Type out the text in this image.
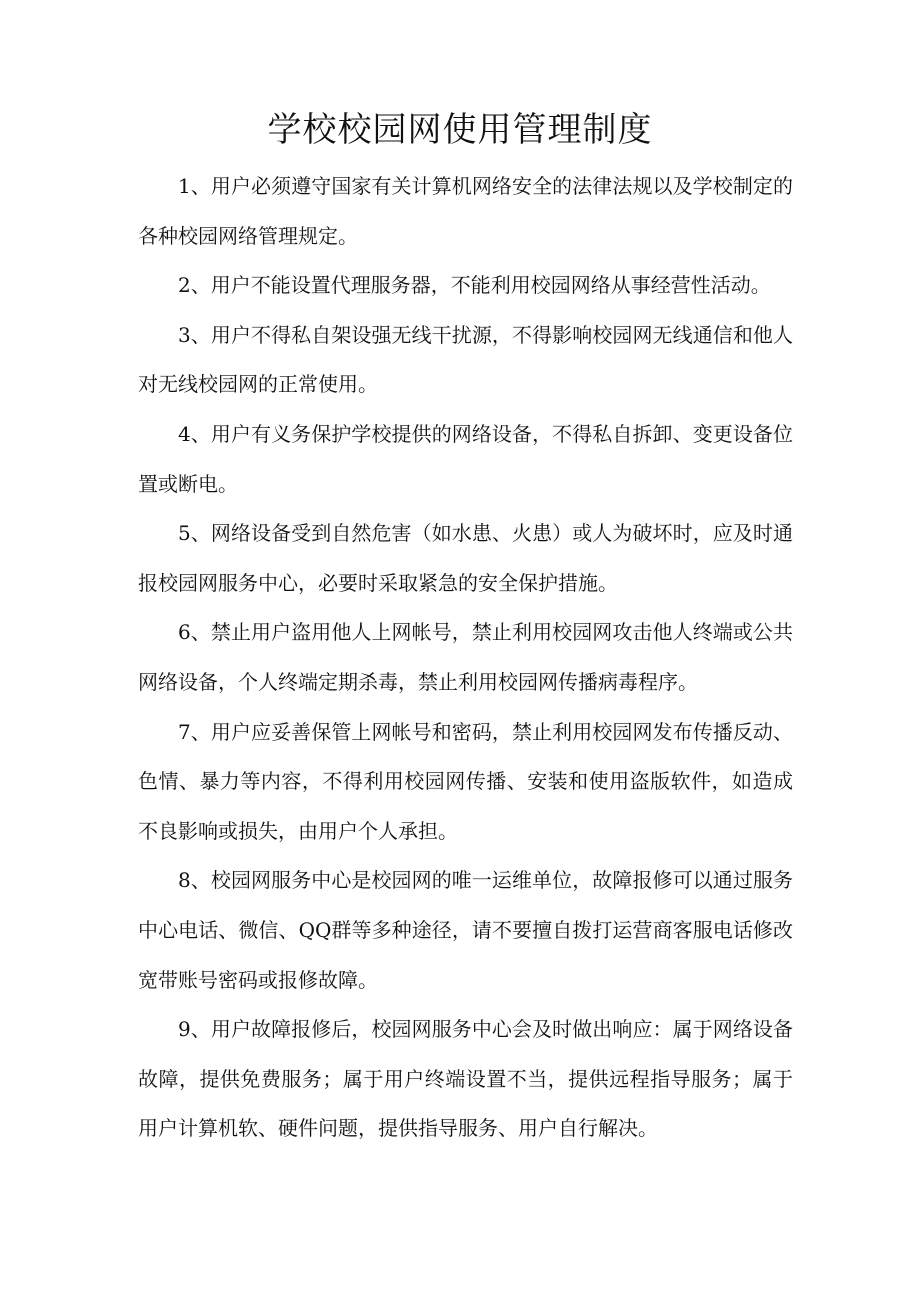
学校校园网使用管理制度

1、用户必须遵守国家有关计算机网络安全的法律法规以及学校制定的各种校园网络管理规定。

2、用户不能设置代理服务器，不能利用校园网络从事经营性活动。

3、用户不得私自架设强无线干扰源，不得影响校园网无线通信和他人对无线校园网的正常使用。

4、用户有义务保护学校提供的网络设备，不得私自拆卸、变更设备位置或断电。

5、网络设备受到自然危害（如水患、火患）或人为破坏时，应及时通报校园网服务中心，必要时采取紧急的安全保护措施。

6、禁止用户盗用他人上网帐号，禁止利用校园网攻击他人终端或公共网络设备，个人终端定期杀毒，禁止利用校园网传播病毒程序。

7、用户应妥善保管上网帐号和密码，禁止利用校园网发布传播反动、色情、暴力等内容，不得利用校园网传播、安装和使用盗版软件，如造成不良影响或损失，由用户个人承担。

8、校园网服务中心是校园网的唯一运维单位，故障报修可以通过服务中心电话、微信、QQ群等多种途径，请不要擅自拨打运营商客服电话修改宽带账号密码或报修故障。

9、用户故障报修后，校园网服务中心会及时做出响应：属于网络设备故障，提供免费服务；属于用户终端设置不当，提供远程指导服务；属于用户计算机软、硬件问题，提供指导服务、用户自行解决。
